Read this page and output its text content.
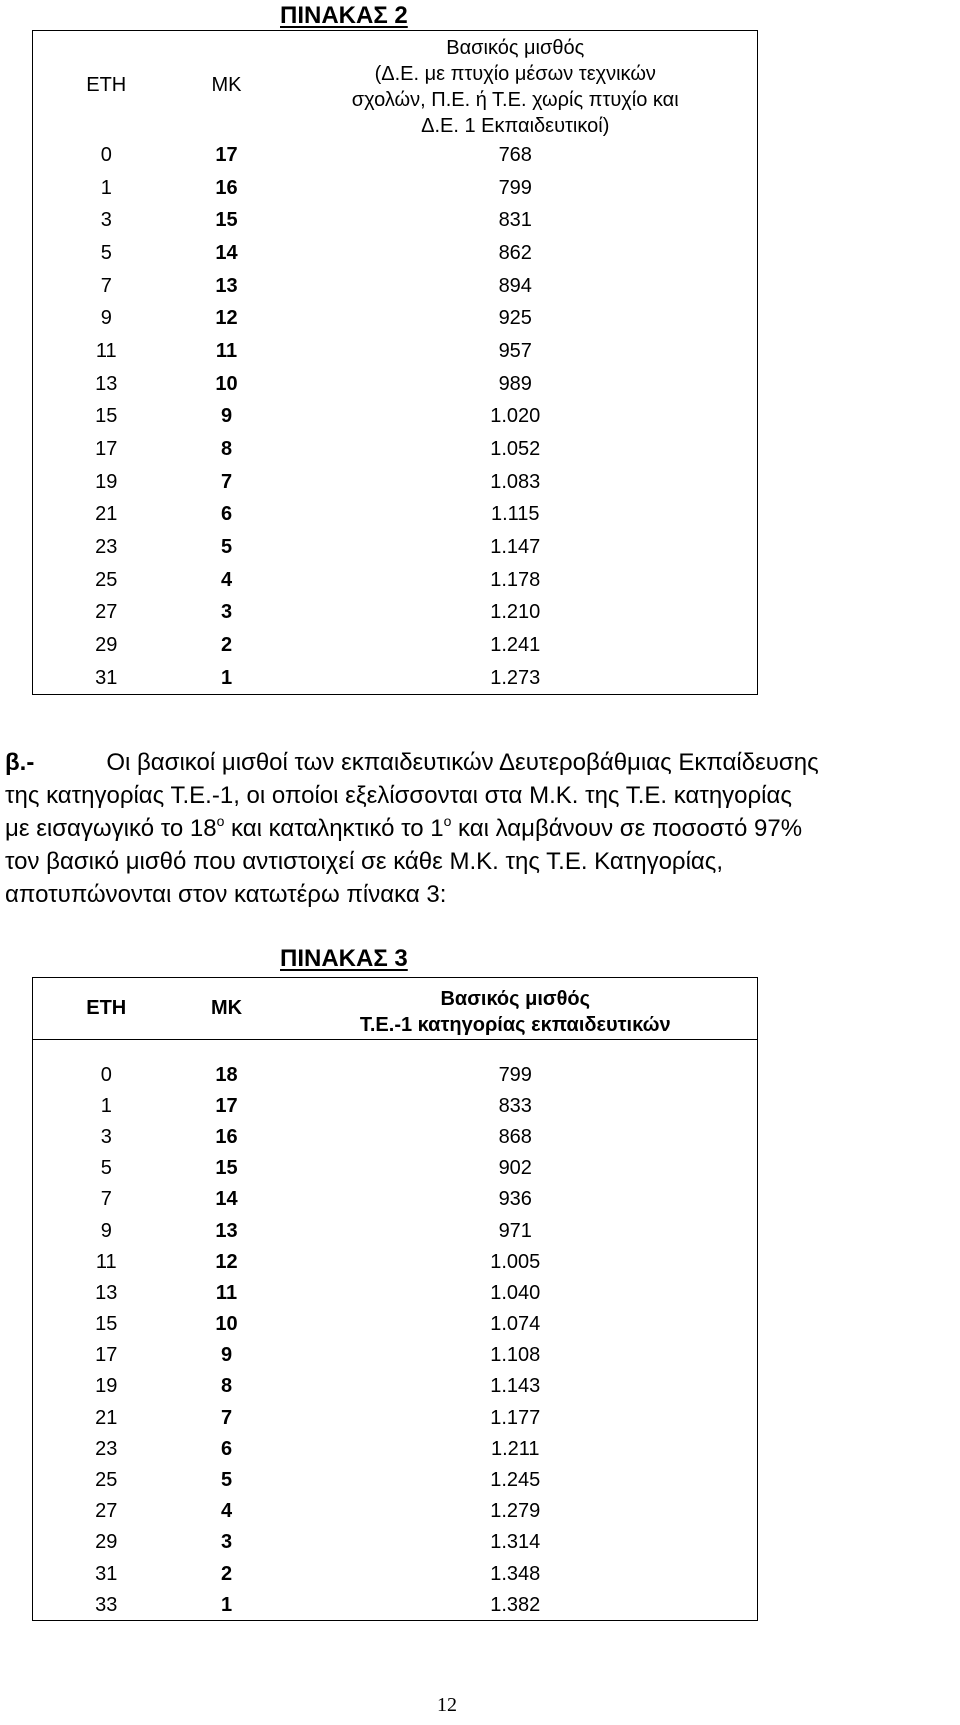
ΠΙΝΑΚΑΣ 2
ΕΤΗ	ΜΚ	Βασικός μισθός
(Δ.Ε. με πτυχίο μέσων τεχνικών
σχολών, Π.Ε. ή Τ.Ε. χωρίς πτυχίο και
Δ.Ε. 1 Εκπαιδευτικοί)

0	17	768
1	16	799
3	15	831
5	14	862
7	13	894
9	12	925
11	11	957
13	10	989
15	9	1.020
17	8	1.052
19	7	1.083
21	6	1.115
23	5	1.147
25	4	1.178
27	3	1.210
29	2	1.241
31	1	1.273
β.-	Οι βασικοί μισθοί των εκπαιδευτικών Δευτεροβάθμιας Εκπαίδευσης
της κατηγορίας Τ.Ε.-1, οι οποίοι εξελίσσονται στα Μ.Κ. της Τ.Ε. κατηγορίας
με εισαγωγικό το $18^o$ και καταληκτικό το $1^o$ και λαμβάνουν σε ποσοστό 97%
τον βασικό μισθό που αντιστοιχεί σε κάθε Μ.Κ. της Τ.Ε. Κατηγορίας,
αποτυπώνονται στον κατωτέρω πίνακα 3:
ΠΙΝΑΚΑΣ 3
ΕΤΗ	ΜΚ	Βασικός μισθός
Τ.Ε.-1 κατηγορίας εκπαιδευτικών

0	18	799
1	17	833
3	16	868
5	15	902
7	14	936
9	13	971
11	12	1.005
13	11	1.040
15	10	1.074
17	9	1.108
19	8	1.143
21	7	1.177
23	6	1.211
25	5	1.245
27	4	1.279
29	3	1.314
31	2	1.348
33	1	1.382
12
